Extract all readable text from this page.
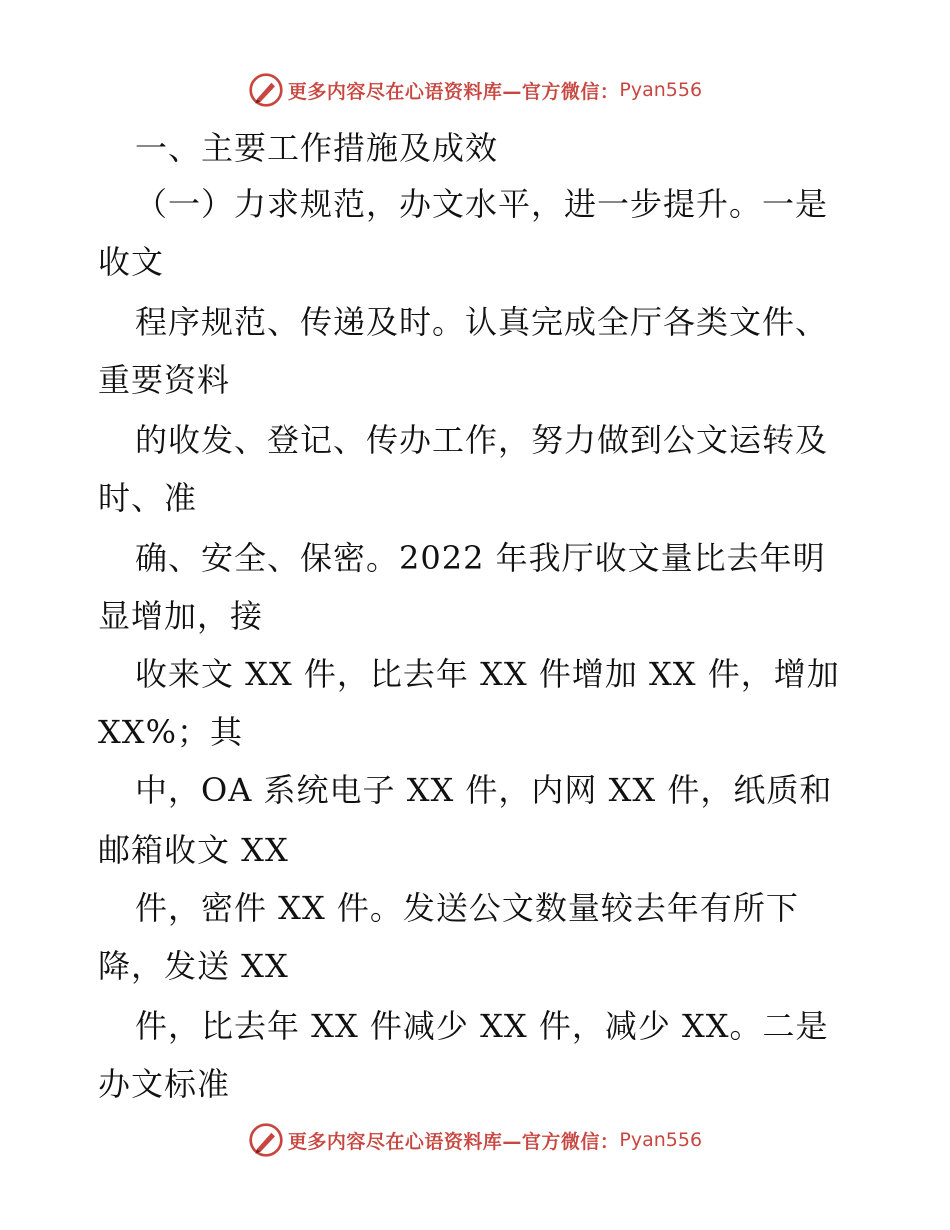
更多内容尽在心语资料库—官方微信： Pyan556
一、主要工作措施及成效
（一）力求规范，办文水平，进一步提升。一是
收文
程序规范、传递及时。认真完成全厅各类文件、
重要资料
的收发、登记、传办工作，努力做到公文运转及
时、准
确、安全、保密。2022 年我厅收文量比去年明
显增加，接
收来文 XX 件，比去年 XX 件增加 XX 件，增加
XX%；其
中，OA 系统电子 XX 件，内网 XX 件，纸质和
邮箱收文 XX
件，密件 XX 件。发送公文数量较去年有所下
降，发送 XX
件，比去年 XX 件减少 XX 件，减少 XX。二是
办文标准
更多内容尽在心语资料库—官方微信： Pyan556
